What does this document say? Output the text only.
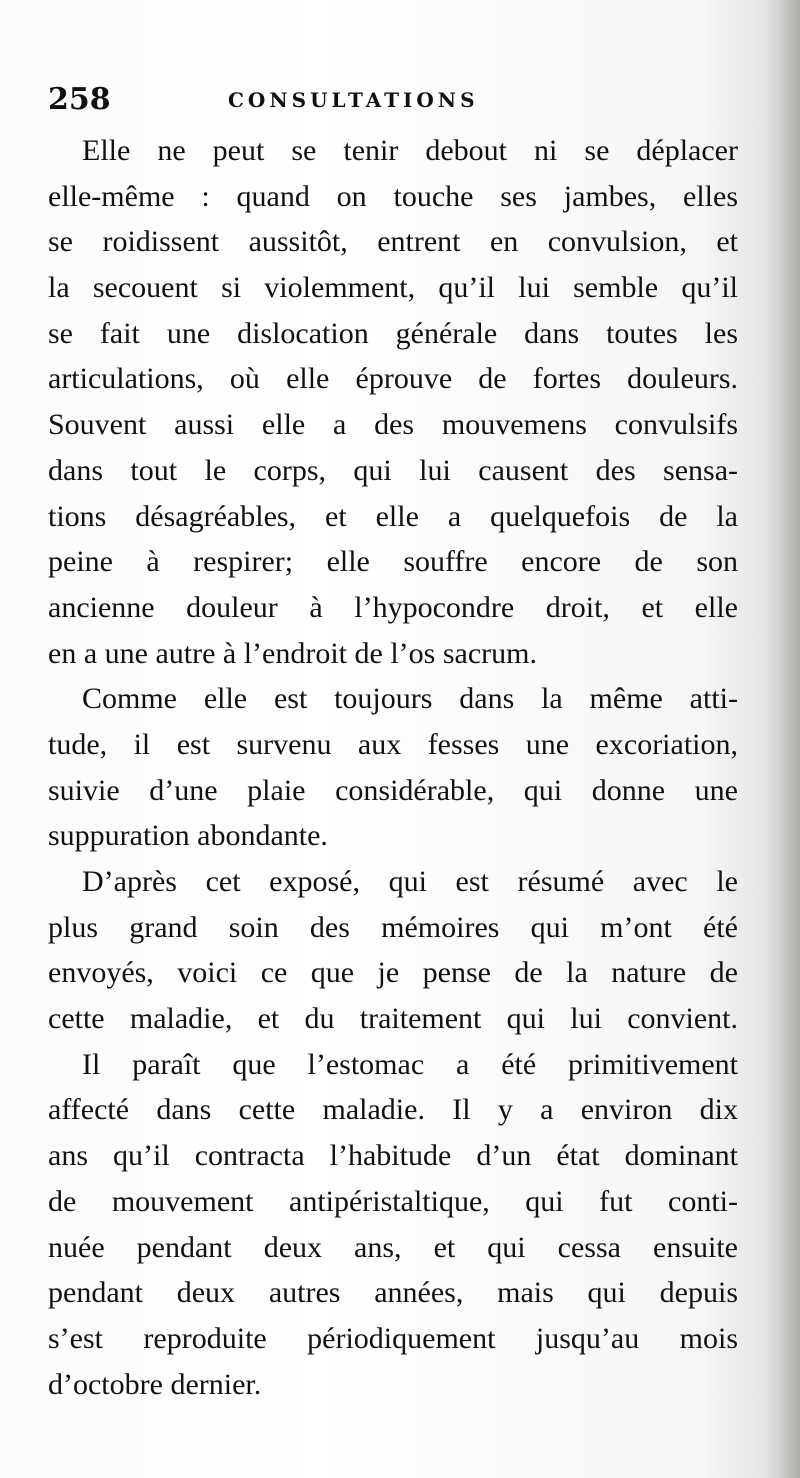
258	CONSULTATIONS
Elle ne peut se tenir debout ni se déplacer
elle-même : quand on touche ses jambes, elles
se roidissent aussitôt, entrent en convulsion, et
la secouent si violemment, qu’il lui semble qu’il
se fait une dislocation générale dans toutes les
articulations, où elle éprouve de fortes douleurs.
Souvent aussi elle a des mouvemens convulsifs
dans tout le corps, qui lui causent des sensa-
tions désagréables, et elle a quelquefois de la
peine à respirer; elle souffre encore de son
ancienne douleur à l’hypocondre droit, et elle
en a une autre à l’endroit de l’os sacrum.
Comme elle est toujours dans la même atti-
tude, il est survenu aux fesses une excoriation,
suivie d’une plaie considérable, qui donne une
suppuration abondante.
D’après cet exposé, qui est résumé avec le
plus grand soin des mémoires qui m’ont été
envoyés, voici ce que je pense de la nature de
cette maladie, et du traitement qui lui convient.
Il paraît que l’estomac a été primitivement
affecté dans cette maladie. Il y a environ dix
ans qu’il contracta l’habitude d’un état dominant
de mouvement antipéristaltique, qui fut conti-
nuée pendant deux ans, et qui cessa ensuite
pendant deux autres années, mais qui depuis
s’est reproduite périodiquement jusqu’au mois
d’octobre dernier.
